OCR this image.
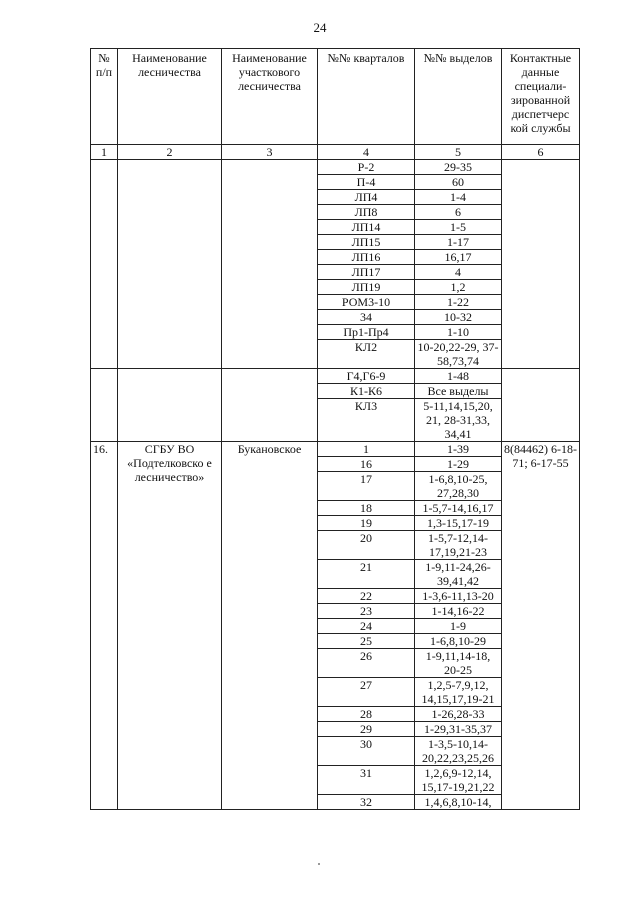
24
№ п/п	Наименование лесничества	Наименование участкового лесничества	№№ кварталов	№№ выделов	Контактные данные специали-зированной диспетчерс кой службы
1	2	3	4	5	6
			Р-2	29-35	
			П-4	60	
			ЛП4	1-4	
			ЛП8	6	
			ЛП14	1-5	
			ЛП15	1-17	
			ЛП16	16,17	
			ЛП17	4	
			ЛП19	1,2	
			РОМ3-10	1-22	
			34	10-32	
			Пр1-Пр4	1-10	
			КЛ2	10-20,22-29, 37-58,73,74	
			Г4,Г6-9	1-48	
			К1-К6	Все выделы	
			КЛ3	5-11,14,15,20, 21, 28-31,33, 34,41	
16.	СГБУ ВО «Подтелковско е лесничество»	Букановское	1	1-39	8(84462) 6-18-71; 6-17-55
			16	1-29	
			17	1-6,8,10-25, 27,28,30	
			18	1-5,7-14,16,17	
			19	1,3-15,17-19	
			20	1-5,7-12,14- 17,19,21-23	
			21	1-9,11-24,26- 39,41,42	
			22	1-3,6-11,13-20	
			23	1-14,16-22	
			24	1-9	
			25	1-6,8,10-29	
			26	1-9,11,14-18, 20-25	
			27	1,2,5-7,9,12, 14,15,17,19-21	
			28	1-26,28-33	
			29	1-29,31-35,37	
			30	1-3,5-10,14- 20,22,23,25,26	
			31	1,2,6,9-12,14, 15,17-19,21,22	
			32	1,4,6,8,10-14,	
